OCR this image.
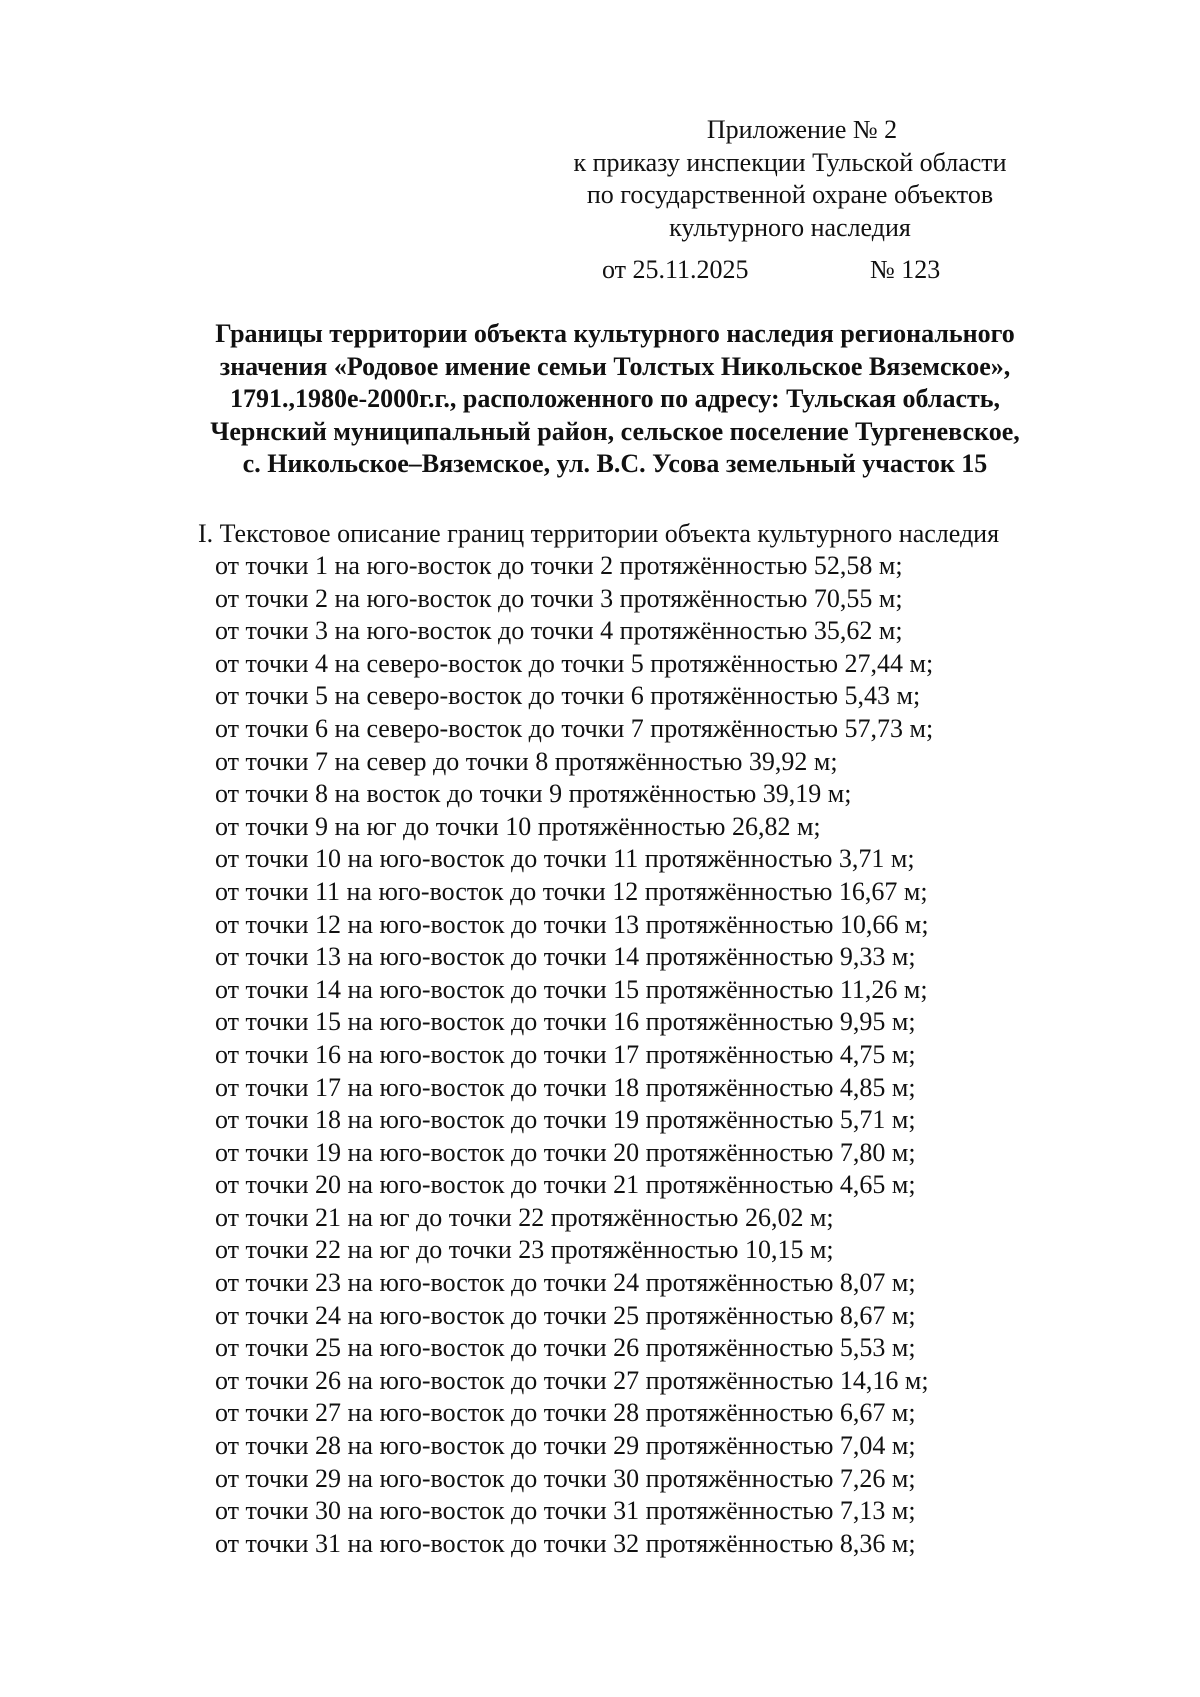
Приложение № 2
к приказу инспекции Тульской области
по государственной охране объектов
культурного наследия
от 25.11.2025	№ 123
Границы территории объекта культурного наследия регионального
значения «Родовое имение семьи Толстых Никольское Вяземское»,
1791.,1980е-2000г.г., расположенного по адресу: Тульская область,
Чернский муниципальный район, сельское поселение Тургеневское,
с. Никольское–Вяземское, ул. В.С. Усова земельный участок 15
I. Текстовое описание границ территории объекта культурного наследия
от точки 1 на юго-восток до точки 2 протяжённостью 52,58 м;
от точки 2 на юго-восток до точки 3 протяжённостью 70,55 м;
от точки 3 на юго-восток до точки 4 протяжённостью 35,62 м;
от точки 4 на северо-восток до точки 5 протяжённостью 27,44 м;
от точки 5 на северо-восток до точки 6 протяжённостью 5,43 м;
от точки 6 на северо-восток до точки 7 протяжённостью 57,73 м;
от точки 7 на север до точки 8 протяжённостью 39,92 м;
от точки 8 на восток до точки 9 протяжённостью 39,19 м;
от точки 9 на юг до точки 10 протяжённостью 26,82 м;
от точки 10 на юго-восток до точки 11 протяжённостью 3,71 м;
от точки 11 на юго-восток до точки 12 протяжённостью 16,67 м;
от точки 12 на юго-восток до точки 13 протяжённостью 10,66 м;
от точки 13 на юго-восток до точки 14 протяжённостью 9,33 м;
от точки 14 на юго-восток до точки 15 протяжённостью 11,26 м;
от точки 15 на юго-восток до точки 16 протяжённостью 9,95 м;
от точки 16 на юго-восток до точки 17 протяжённостью 4,75 м;
от точки 17 на юго-восток до точки 18 протяжённостью 4,85 м;
от точки 18 на юго-восток до точки 19 протяжённостью 5,71 м;
от точки 19 на юго-восток до точки 20 протяжённостью 7,80 м;
от точки 20 на юго-восток до точки 21 протяжённостью 4,65 м;
от точки 21 на юг до точки 22 протяжённостью 26,02 м;
от точки 22 на юг до точки 23 протяжённостью 10,15 м;
от точки 23 на юго-восток до точки 24 протяжённостью 8,07 м;
от точки 24 на юго-восток до точки 25 протяжённостью 8,67 м;
от точки 25 на юго-восток до точки 26 протяжённостью 5,53 м;
от точки 26 на юго-восток до точки 27 протяжённостью 14,16 м;
от точки 27 на юго-восток до точки 28 протяжённостью 6,67 м;
от точки 28 на юго-восток до точки 29 протяжённостью 7,04 м;
от точки 29 на юго-восток до точки 30 протяжённостью 7,26 м;
от точки 30 на юго-восток до точки 31 протяжённостью 7,13 м;
от точки 31 на юго-восток до точки 32 протяжённостью 8,36 м;
